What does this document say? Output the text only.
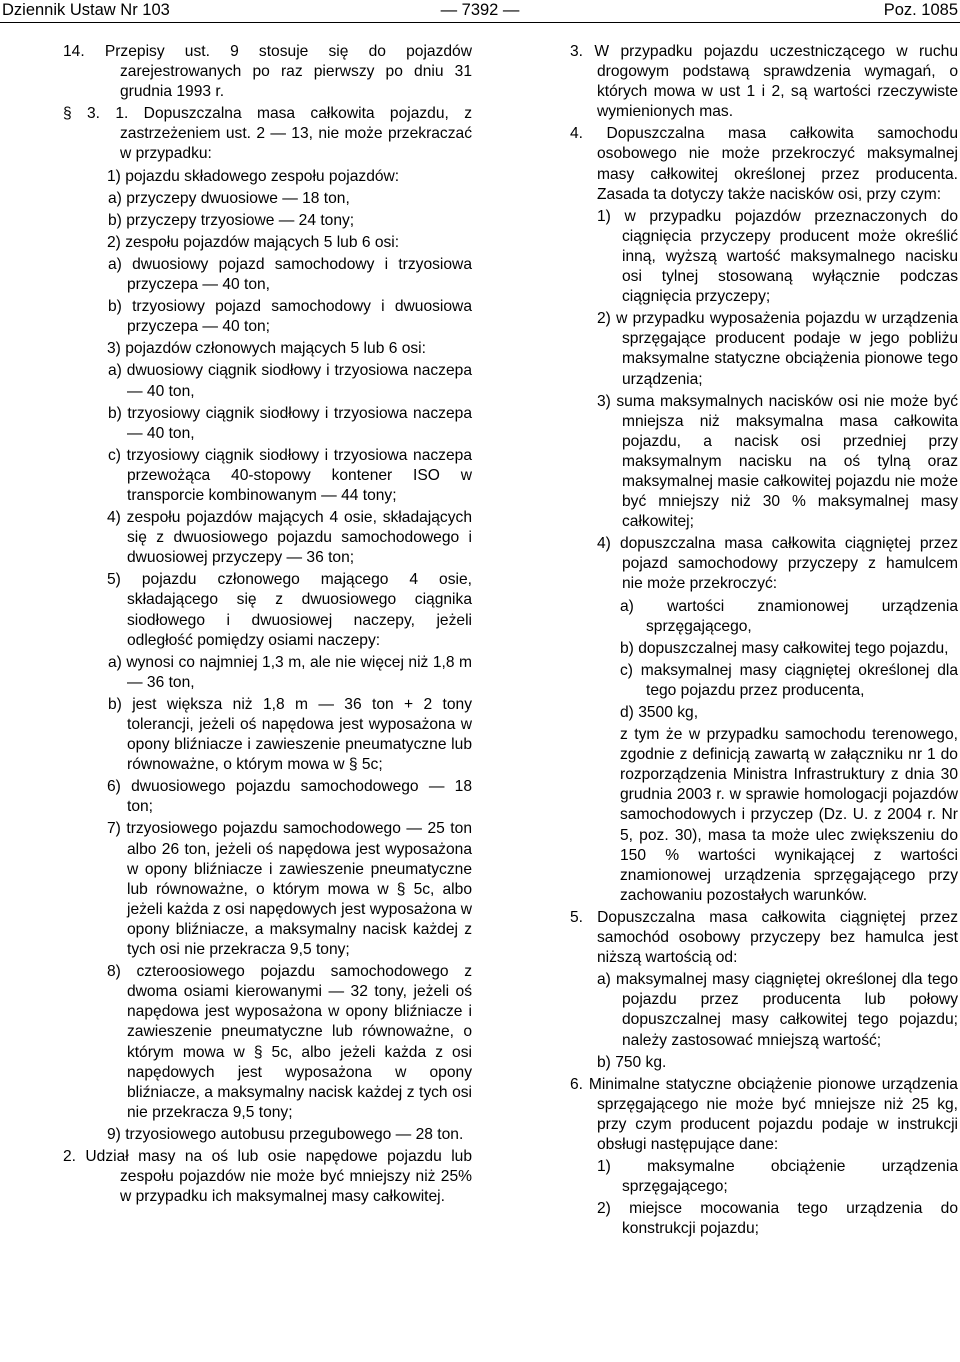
Dziennik Ustaw Nr 103	— 7392 —	Poz. 1085

14. Przepisy ust. 9 stosuje się do pojazdów zarejestrowanych po raz pierwszy po dniu 31 grudnia 1993 r.

§ 3. 1. Dopuszczalna masa całkowita pojazdu, z zastrzeżeniem ust. 2 — 13, nie może przekraczać w przypadku:

1) pojazdu składowego zespołu pojazdów:

a) przyczepy dwuosiowe — 18 ton,

b) przyczepy trzyosiowe — 24 tony;

2) zespołu pojazdów mających 5 lub 6 osi:

a) dwuosiowy pojazd samochodowy i trzyosiowa przyczepa — 40 ton,

b) trzyosiowy pojazd samochodowy i dwuosiowa przyczepa — 40 ton;

3) pojazdów członowych mających 5 lub 6 osi:

a) dwuosiowy ciągnik siodłowy i trzyosiowa naczepa — 40 ton,

b) trzyosiowy ciągnik siodłowy i trzyosiowa naczepa — 40 ton,

c) trzyosiowy ciągnik siodłowy i trzyosiowa naczepa przewożąca 40-stopowy kontener ISO w transporcie kombinowanym — 44 tony;

4) zespołu pojazdów mających 4 osie, składających się z dwuosiowego pojazdu samochodowego i dwuosiowej przyczepy — 36 ton;

5) pojazdu członowego mającego 4 osie, składającego się z dwuosiowego ciągnika siodłowego i dwuosiowej naczepy, jeżeli odległość pomiędzy osiami naczepy:

a) wynosi co najmniej 1,3 m, ale nie więcej niż 1,8 m — 36 ton,

b) jest większa niż 1,8 m — 36 ton + 2 tony tolerancji, jeżeli oś napędowa jest wyposażona w opony bliźniacze i zawieszenie pneumatyczne lub równoważne, o którym mowa w § 5c;

6) dwuosiowego pojazdu samochodowego — 18 ton;

7) trzyosiowego pojazdu samochodowego — 25 ton albo 26 ton, jeżeli oś napędowa jest wyposażona w opony bliźniacze i zawieszenie pneumatyczne lub równoważne, o którym mowa w § 5c, albo jeżeli każda z osi napędowych jest wyposażona w opony bliźniacze, a maksymalny nacisk każdej z tych osi nie przekracza 9,5 tony;

8) czteroosiowego pojazdu samochodowego z dwoma osiami kierowanymi — 32 tony, jeżeli oś napędowa jest wyposażona w opony bliźniacze i zawieszenie pneumatyczne lub równoważne, o którym mowa w § 5c, albo jeżeli każda z osi napędowych jest wyposażona w opony bliźniacze, a maksymalny nacisk każdej z tych osi nie przekracza 9,5 tony;

9) trzyosiowego autobusu przegubowego — 28 ton.

2. Udział masy na oś lub osie napędowe pojazdu lub zespołu pojazdów nie może być mniejszy niż 25% w przypadku ich maksymalnej masy całkowitej.

3. W przypadku pojazdu uczestniczącego w ruchu drogowym podstawą sprawdzenia wymagań, o których mowa w ust 1 i 2, są wartości rzeczywiste wymienionych mas.

4. Dopuszczalna masa całkowita samochodu osobowego nie może przekroczyć maksymalnej masy całkowitej określonej przez producenta. Zasada ta dotyczy także nacisków osi, przy czym:

1) w przypadku pojazdów przeznaczonych do ciągnięcia przyczepy producent może określić inną, wyższą wartość maksymalnego nacisku osi tylnej stosowaną wyłącznie podczas ciągnięcia przyczepy;

2) w przypadku wyposażenia pojazdu w urządzenia sprzęgające producent podaje w jego pobliżu maksymalne statyczne obciążenia pionowe tego urządzenia;

3) suma maksymalnych nacisków osi nie może być mniejsza niż maksymalna masa całkowita pojazdu, a nacisk osi przedniej przy maksymalnym nacisku na oś tylną oraz maksymalnej masie całkowitej pojazdu nie może być mniejszy niż 30 % maksymalnej masy całkowitej;

4) dopuszczalna masa całkowita ciągniętej przez pojazd samochodowy przyczepy z hamulcem nie może przekroczyć:

a) wartości znamionowej urządzenia sprzęgającego,

b) dopuszczalnej masy całkowitej tego pojazdu,

c) maksymalnej masy ciągniętej określonej dla tego pojazdu przez producenta,

d) 3500 kg,

z tym że w przypadku samochodu terenowego, zgodnie z definicją zawartą w załączniku nr 1 do rozporządzenia Ministra Infrastruktury z dnia 30 grudnia 2003 r. w sprawie homologacji pojazdów samochodowych i przyczep (Dz. U. z 2004 r. Nr 5, poz. 30), masa ta może ulec zwiększeniu do 150 % wartości wynikającej z wartości znamionowej urządzenia sprzęgającego przy zachowaniu pozostałych warunków.

5. Dopuszczalna masa całkowita ciągniętej przez samochód osobowy przyczepy bez hamulca jest niższą wartością od:

a) maksymalnej masy ciągniętej określonej dla tego pojazdu przez producenta lub połowy dopuszczalnej masy całkowitej tego pojazdu; należy zastosować mniejszą wartość;

b) 750 kg.

6. Minimalne statyczne obciążenie pionowe urządzenia sprzęgającego nie może być mniejsze niż 25 kg, przy czym producent pojazdu podaje w instrukcji obsługi następujące dane:

1) maksymalne obciążenie urządzenia sprzęgającego;

2) miejsce mocowania tego urządzenia do konstrukcji pojazdu;
